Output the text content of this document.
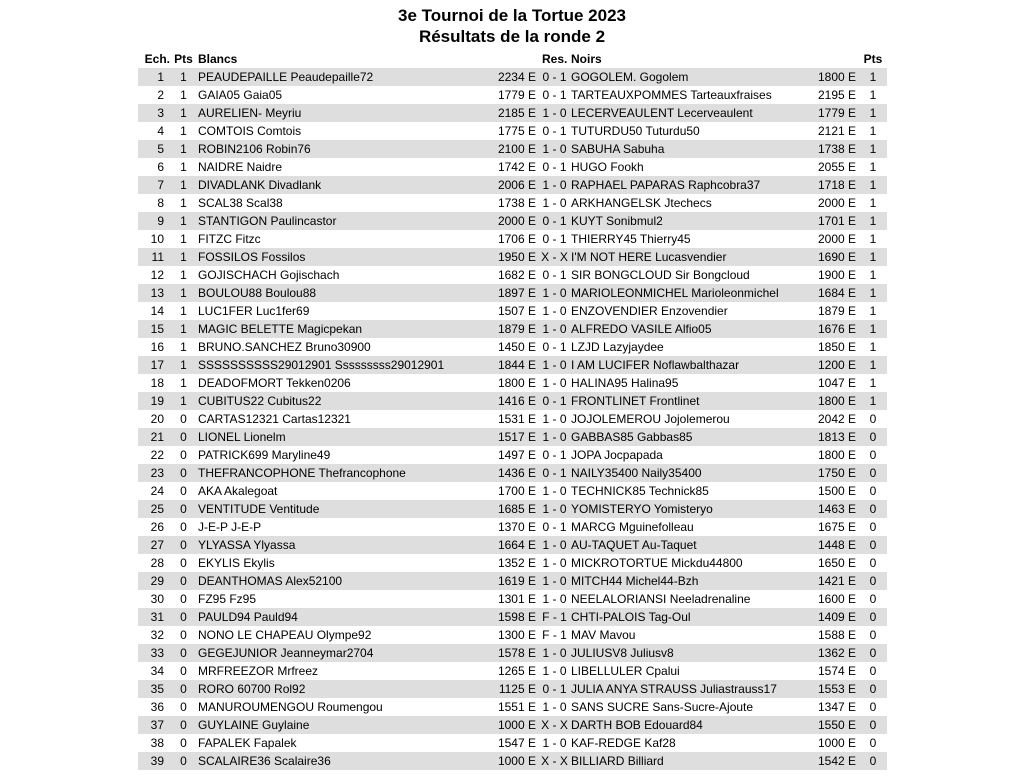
3e Tournoi de la Tortue 2023
Résultats de la ronde 2
Ech.	Pts	Blancs		Res.	Noirs		Pts
1	1	PEAUDEPAILLE Peaudepaille72	2234 E	0 - 1	GOGOLEM. Gogolem	1800 E	1
2	1	GAIA05 Gaia05	1779 E	0 - 1	TARTEAUXPOMMES Tarteauxfraises	2195 E	1
3	1	AURELIEN- Meyriu	2185 E	1 - 0	LECERVEAULENT Lecerveaulent	1779 E	1
4	1	COMTOIS Comtois	1775 E	0 - 1	TUTURDU50 Tuturdu50	2121 E	1
5	1	ROBIN2106 Robin76	2100 E	1 - 0	SABUHA Sabuha	1738 E	1
6	1	NAIDRE Naidre	1742 E	0 - 1	HUGO Fookh	2055 E	1
7	1	DIVADLANK Divadlank	2006 E	1 - 0	RAPHAEL PAPARAS Raphcobra37	1718 E	1
8	1	SCAL38 Scal38	1738 E	1 - 0	ARKHANGELSK Jtechecs	2000 E	1
9	1	STANTIGON Paulincastor	2000 E	0 - 1	KUYT Sonibmul2	1701 E	1
10	1	FITZC Fitzc	1706 E	0 - 1	THIERRY45 Thierry45	2000 E	1
11	1	FOSSILOS Fossilos	1950 E	X - X	I'M NOT HERE Lucasvendier	1690 E	1
12	1	GOJISCHACH Gojischach	1682 E	0 - 1	SIR BONGCLOUD Sir Bongcloud	1900 E	1
13	1	BOULOU88 Boulou88	1897 E	1 - 0	MARIOLEONMICHEL Marioleonmichel	1684 E	1
14	1	LUC1FER Luc1fer69	1507 E	1 - 0	ENZOVENDIER Enzovendier	1879 E	1
15	1	MAGIC BELETTE Magicpekan	1879 E	1 - 0	ALFREDO VASILE Alfio05	1676 E	1
16	1	BRUNO.SANCHEZ Bruno30900	1450 E	0 - 1	LZJD Lazyjaydee	1850 E	1
17	1	SSSSSSSSSS29012901 Sssssssss29012901	1844 E	1 - 0	I AM LUCIFER Noflawbalthazar	1200 E	1
18	1	DEADOFMORT Tekken0206	1800 E	1 - 0	HALINA95 Halina95	1047 E	1
19	1	CUBITUS22 Cubitus22	1416 E	0 - 1	FRONTLINET Frontlinet	1800 E	1
20	0	CARTAS12321 Cartas12321	1531 E	1 - 0	JOJOLEMEROU Jojolemerou	2042 E	0
21	0	LIONEL Lionelm	1517 E	1 - 0	GABBAS85 Gabbas85	1813 E	0
22	0	PATRICK699 Maryline49	1497 E	0 - 1	JOPA Jocpapada	1800 E	0
23	0	THEFRANCOPHONE Thefrancophone	1436 E	0 - 1	NAILY35400 Naily35400	1750 E	0
24	0	AKA Akalegoat	1700 E	1 - 0	TECHNICK85 Technick85	1500 E	0
25	0	VENTITUDE Ventitude	1685 E	1 - 0	YOMISTERYO Yomisteryo	1463 E	0
26	0	J-E-P J-E-P	1370 E	0 - 1	MARCG Mguinefolleau	1675 E	0
27	0	YLYASSA Ylyassa	1664 E	1 - 0	AU-TAQUET Au-Taquet	1448 E	0
28	0	EKYLIS Ekylis	1352 E	1 - 0	MICKROTORTUE Mickdu44800	1650 E	0
29	0	DEANTHOMAS Alex52100	1619 E	1 - 0	MITCH44 Michel44-Bzh	1421 E	0
30	0	FZ95 Fz95	1301 E	1 - 0	NEELALORIANSI Neeladrenaline	1600 E	0
31	0	PAULD94 Pauld94	1598 E	F - 1	CHTI-PALOIS Tag-Oul	1409 E	0
32	0	NONO LE CHAPEAU Olympe92	1300 E	F - 1	MAV Mavou	1588 E	0
33	0	GEGEJUNIOR Jeanneymar2704	1578 E	1 - 0	JULIUSV8 Juliusv8	1362 E	0
34	0	MRFREEZOR Mrfreez	1265 E	1 - 0	LIBELLULER Cpalui	1574 E	0
35	0	RORO 60700 Rol92	1125 E	0 - 1	JULIA ANYA STRAUSS Juliastrauss17	1553 E	0
36	0	MANUROUMENGOU Roumengou	1551 E	1 - 0	SANS SUCRE Sans-Sucre-Ajoute	1347 E	0
37	0	GUYLAINE Guylaine	1000 E	X - X	DARTH BOB Edouard84	1550 E	0
38	0	FAPALEK Fapalek	1547 E	1 - 0	KAF-REDGE Kaf28	1000 E	0
39	0	SCALAIRE36 Scalaire36	1000 E	X - X	BILLIARD Billiard	1542 E	0
